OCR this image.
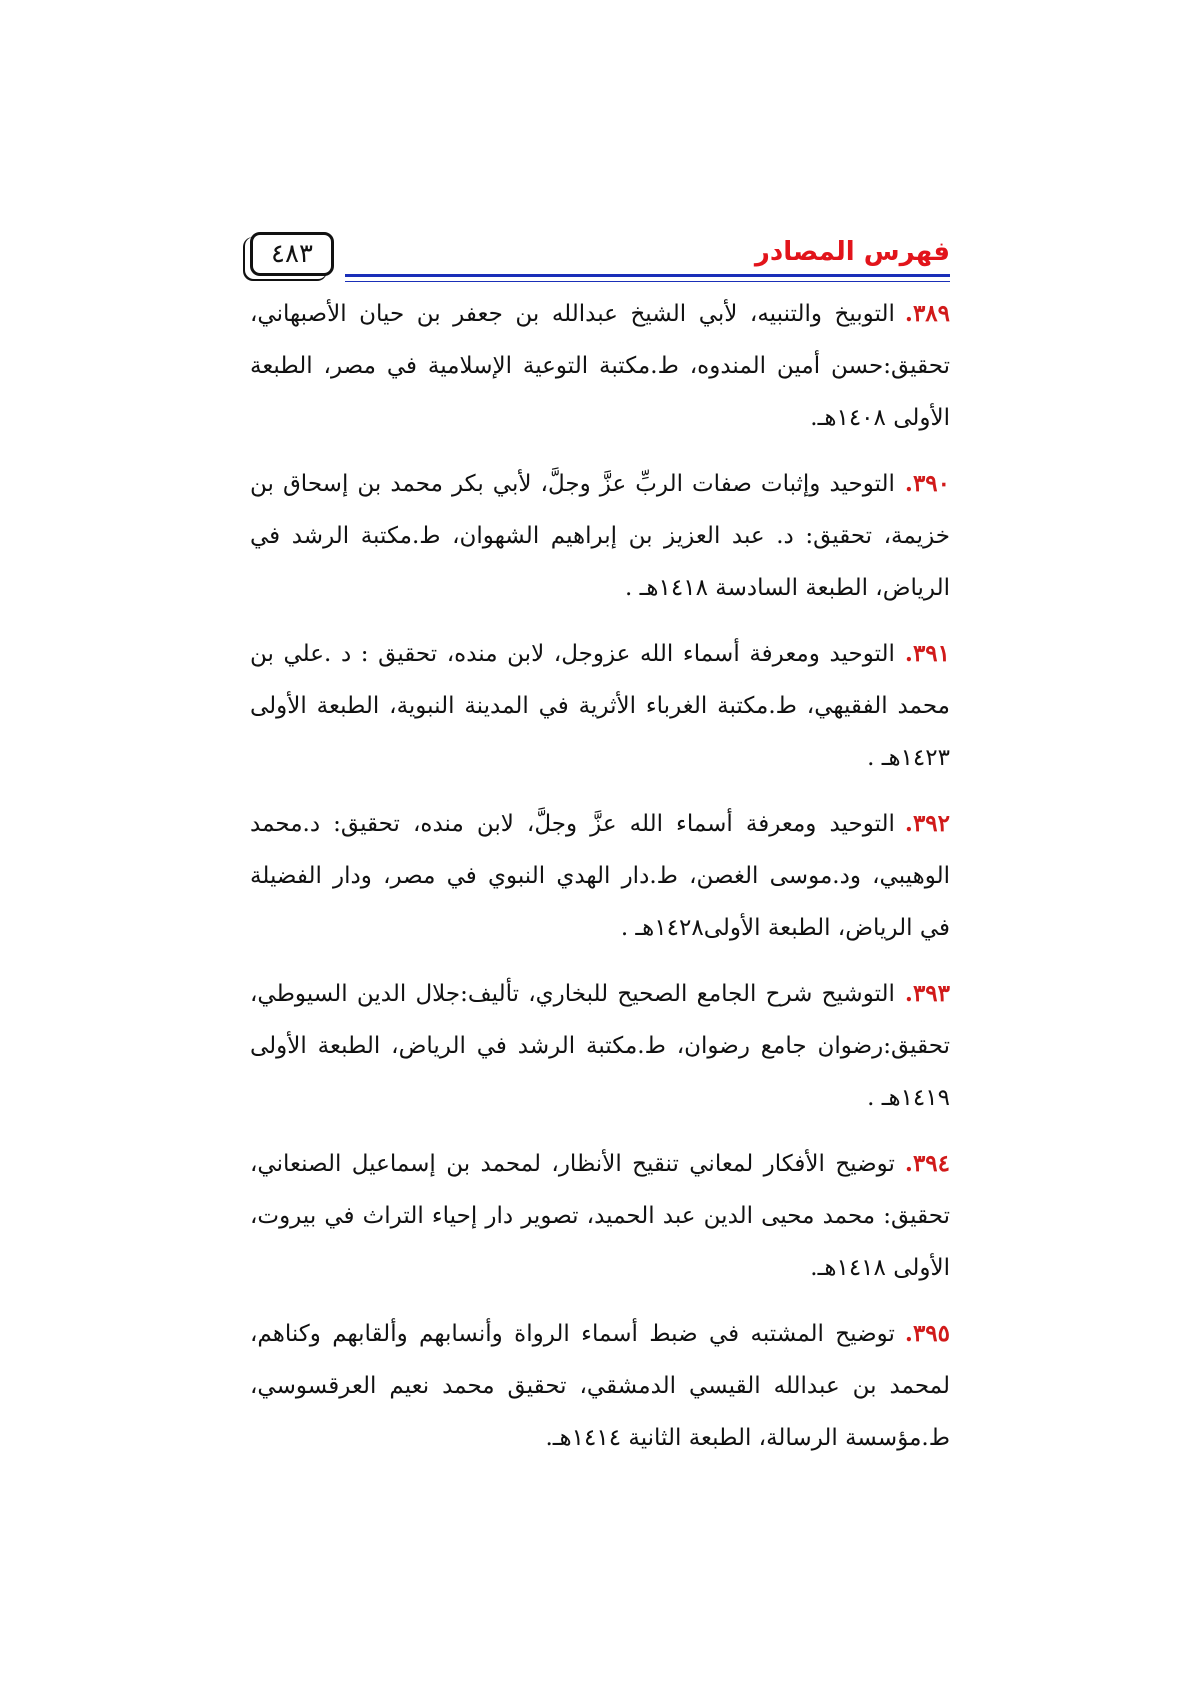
٤٨٣	فهرس المصادر

٣٨٩.التوبيخ والتنبيه، لأبي الشيخ عبدالله بن جعفر بن حيان الأصبهاني، تحقيق:حسن أمين المندوه، ط.مكتبة التوعية الإسلامية في مصر، الطبعة الأولى ١٤٠٨هـ.

٣٩٠.التوحيد وإثبات صفات الربِّ عزَّ وجلَّ، لأبي بكر محمد بن إسحاق بن خزيمة، تحقيق: د. عبد العزيز بن إبراهيم الشهوان، ط.مكتبة الرشد في الرياض، الطبعة السادسة ١٤١٨هـ .

٣٩١.التوحيد ومعرفة أسماء الله عزوجل، لابن منده، تحقيق : د .علي بن محمد الفقيهي، ط.مكتبة الغرباء الأثرية في المدينة النبوية، الطبعة الأولى ١٤٢٣هـ .

٣٩٢.التوحيد ومعرفة أسماء الله عزَّ وجلَّ، لابن منده، تحقيق: د.محمد الوهيبي، ود.موسى الغصن، ط.دار الهدي النبوي في مصر، ودار الفضيلة في الرياض، الطبعة الأولى١٤٢٨هـ .

٣٩٣.التوشيح شرح الجامع الصحيح للبخاري، تأليف:جلال الدين السيوطي، تحقيق:رضوان جامع رضوان، ط.مكتبة الرشد في الرياض، الطبعة الأولى ١٤١٩هـ .

٣٩٤.توضيح الأفكار لمعاني تنقيح الأنظار، لمحمد بن إسماعيل الصنعاني، تحقيق: محمد محيى الدين عبد الحميد، تصوير دار إحياء التراث في بيروت، الأولى ١٤١٨هـ.

٣٩٥.توضيح المشتبه في ضبط أسماء الرواة وأنسابهم وألقابهم وكناهم، لمحمد بن عبدالله القيسي الدمشقي، تحقيق محمد نعيم العرقسوسي، ط.مؤسسة الرسالة، الطبعة الثانية ١٤١٤هـ.
